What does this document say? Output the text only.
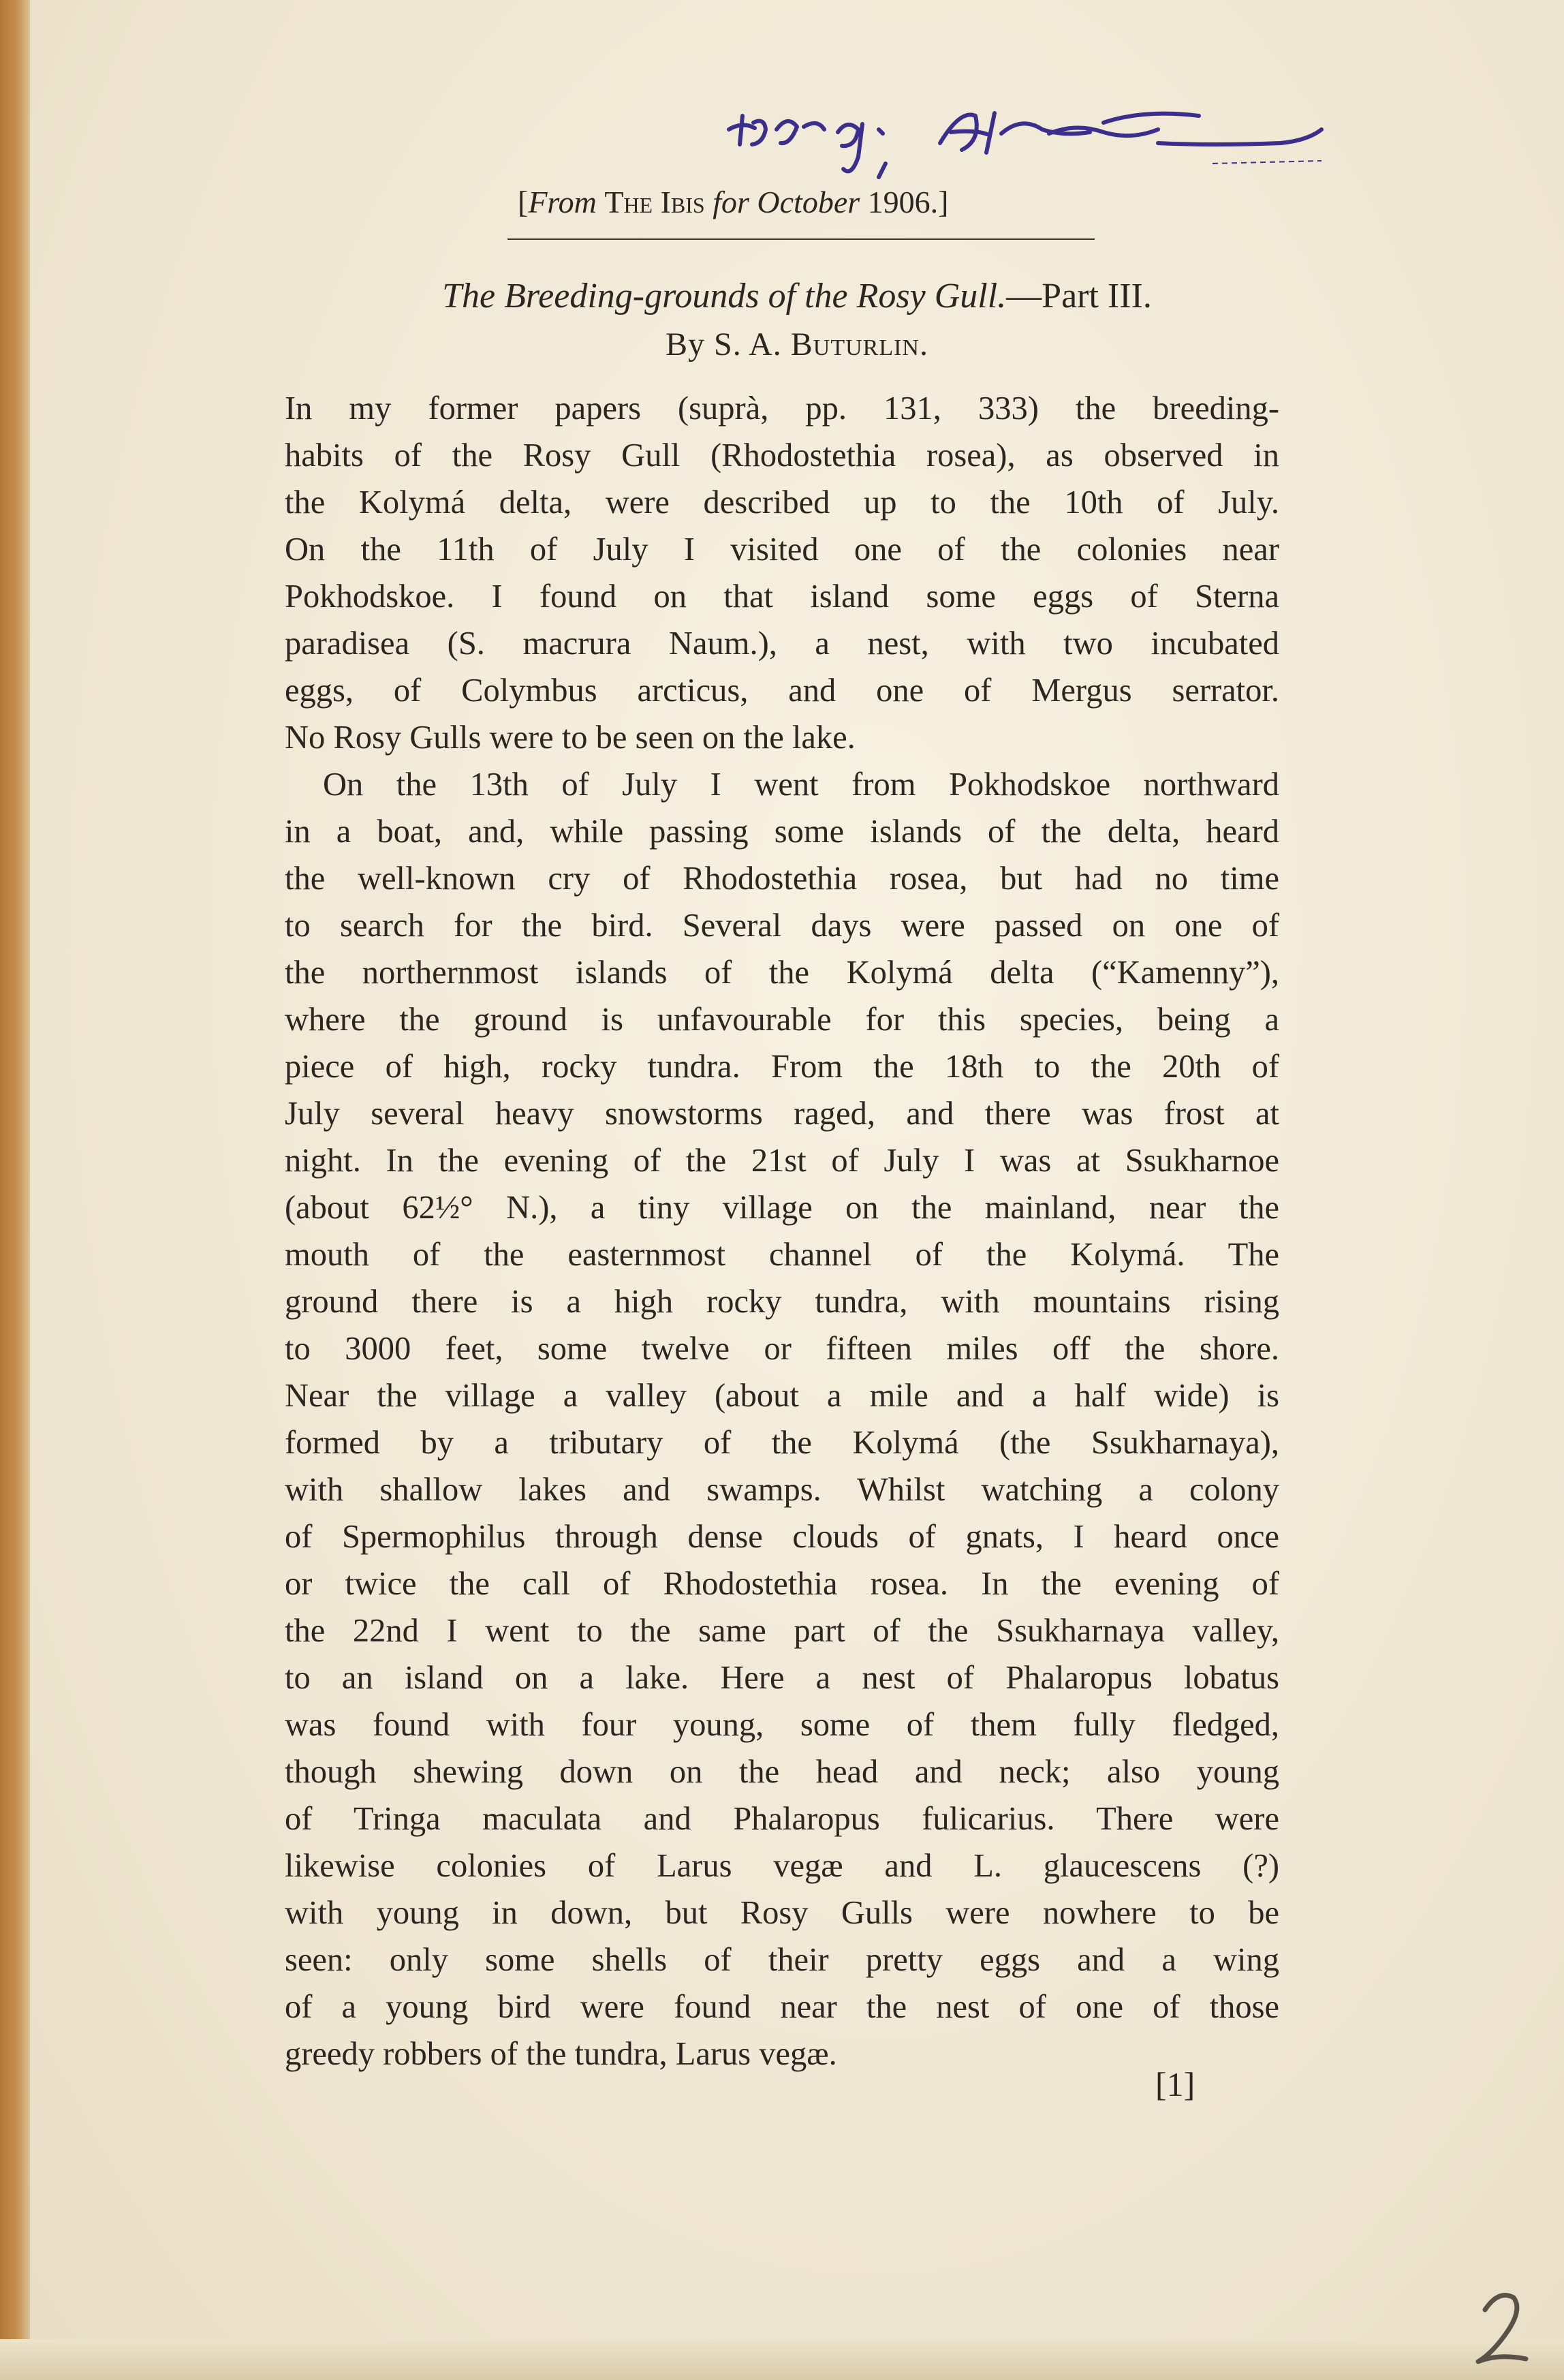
[From The Ibis for October 1906.]
The Breeding-grounds of the Rosy Gull.—Part III.
By S. A. Buturlin.
In my former papers (suprà, pp. 131, 333) the breeding-
habits of the Rosy Gull (Rhodostethia rosea), as observed in
the Kolymá delta, were described up to the 10th of July.
On the 11th of July I visited one of the colonies near
Pokhodskoe. I found on that island some eggs of Sterna
paradisea (S. macrura Naum.), a nest, with two incubated
eggs, of Colymbus arcticus, and one of Mergus serrator.
No Rosy Gulls were to be seen on the lake.
On the 13th of July I went from Pokhodskoe northward
in a boat, and, while passing some islands of the delta, heard
the well-known cry of Rhodostethia rosea, but had no time
to search for the bird. Several days were passed on one of
the northernmost islands of the Kolymá delta (“Kamenny”),
where the ground is unfavourable for this species, being a
piece of high, rocky tundra. From the 18th to the 20th of
July several heavy snowstorms raged, and there was frost at
night. In the evening of the 21st of July I was at Ssukharnoe
(about 62½° N.), a tiny village on the mainland, near the
mouth of the easternmost channel of the Kolymá. The
ground there is a high rocky tundra, with mountains rising
to 3000 feet, some twelve or fifteen miles off the shore.
Near the village a valley (about a mile and a half wide) is
formed by a tributary of the Kolymá (the Ssukharnaya),
with shallow lakes and swamps. Whilst watching a colony
of Spermophilus through dense clouds of gnats, I heard once
or twice the call of Rhodostethia rosea. In the evening of
the 22nd I went to the same part of the Ssukharnaya valley,
to an island on a lake. Here a nest of Phalaropus lobatus
was found with four young, some of them fully fledged,
though shewing down on the head and neck; also young
of Tringa maculata and Phalaropus fulicarius. There were
likewise colonies of Larus vegæ and L. glaucescens (?)
with young in down, but Rosy Gulls were nowhere to be
seen: only some shells of their pretty eggs and a wing
of a young bird were found near the nest of one of those
greedy robbers of the tundra, Larus vegæ.
[1]
